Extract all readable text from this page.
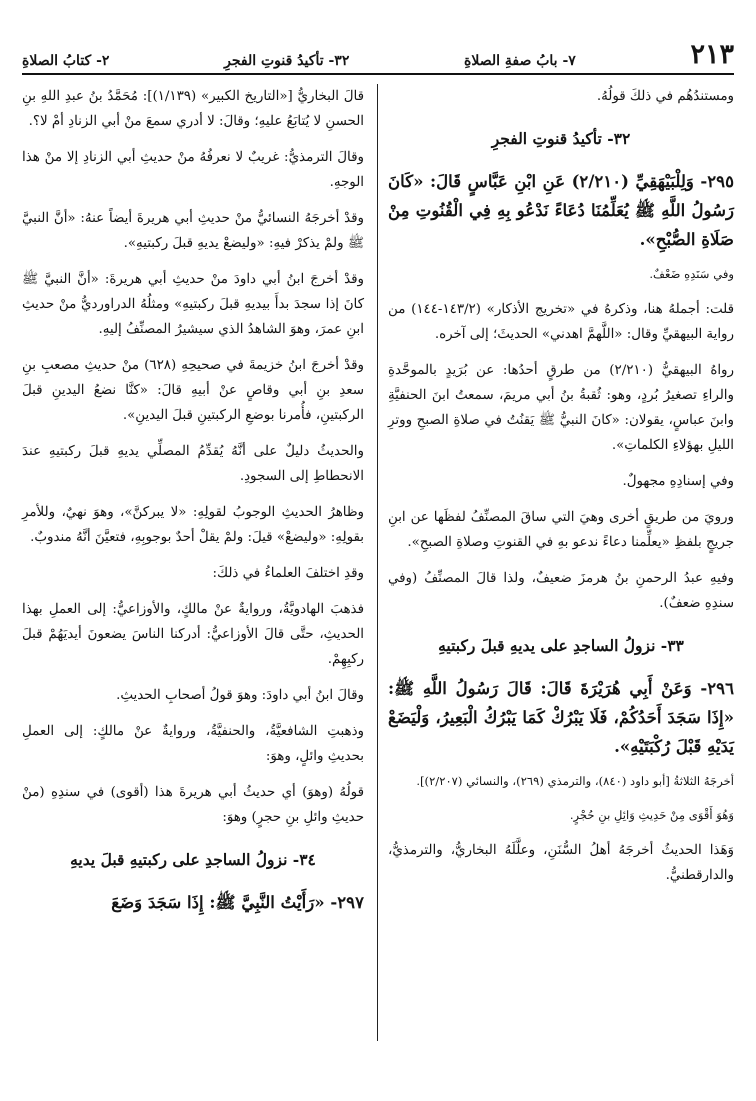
٢١٣
٧- بابُ صفةِ الصلاةِ
٣٢- تأكيدُ قنوتِ الفجرِ
٢- كتابُ الصلاةِ

ومستندُهُم في ذلكَ قولُهُ.

٣٢- تأكيدُ قنوتِ الفجرِ

٢٩٥- وَلِلْبَيْهَقِيِّ (٢/٢١٠) عَنِ ابْنِ عَبَّاسٍ قَالَ: «كَانَ رَسُولُ اللَّهِ ﷺ يُعَلِّمُنَا دُعَاءً نَدْعُو بِهِ فِي الْقُنُوتِ مِنْ صَلَاةِ الصُّبْحِ».

وفي سَنَدِهِ ضَعْفٌ.

قلت: أجملهُ هنا، وذكرهُ في «تخريج الأذكار» (١٤٣/٢-١٤٤) من رواية البيهقيِّ وقال: «اللَّهمَّ اهدني» الحديثَ؛ إلى آخره.

رواهُ البيهقيُّ (٢/٢١٠) من طرقٍ أحدُها: عن بُرَيدٍ بالموحَّدةِ والراءِ تصغيرُ بُردٍ، وهو: ثُقبةُ بنُ أبي مريمَ، سمعتُ ابنَ الحنفيَّةِ وابنَ عباسٍ، يقولان: «كانَ النبيُّ ﷺ يَقنُتُ في صلاةِ الصبحِ ووترِ الليلِ بهؤلاءِ الكلماتِ».

وفي إسنادِهِ مجهولٌ.

ورويَ من طريقٍ أخرى وهيَ التي ساقَ المصنِّفُ لفظَها عن ابنِ جريجٍ بلفظِ «يعلِّمنا دعاءً ندعو بهِ في القنوتِ وصلاةِ الصبحِ».

وفيهِ عبدُ الرحمنِ بنُ هرمزَ ضعيفٌ، ولذا قالَ المصنِّفُ (وفي سندِهِ ضعفٌ).

٣٣- نزولُ الساجدِ على يديهِ قبلَ ركبتيهِ

٢٩٦- وَعَنْ أَبِي هُرَيْرَةَ قَالَ: قَالَ رَسُولُ اللَّهِ ﷺ: «إِذَا سَجَدَ أَحَدُكُمْ، فَلَا يَبْرُكْ كَمَا يَبْرُكُ الْبَعِيرُ، وَلْيَضَعْ يَدَيْهِ قَبْلَ رُكْبَتَيْهِ».

أخرجَهُ الثلاثةُ [أبو داود (٨٤٠)، والترمذي (٢٦٩)، والنسائي (٢/٢٠٧)].

وَهُوَ أَقْوَى مِنْ حَدِيثِ وَائِلِ بنِ حُجْرٍ.

وَهَذا الحديثُ أخرجَهُ أهلُ السُّنَنِ، وعلَّلَهُ البخاريُّ، والترمذيُّ، والدارقطنيُّ.

قالَ البخاريُّ [«التاريخ الكبير» (١/١٣٩)]: مُحَمَّدُ بنُ عبدِ اللهِ بنِ الحسنِ لا يُتابَعُ عليهِ؛ وقالَ: لا أدري سمعَ منْ أبي الزنادِ أمْ لا؟.

وقالَ الترمذيُّ: غريبٌ لا نعرفُهُ منْ حديثِ أبي الزنادِ إلا منْ هذا الوجهِ.

وقدْ أخرجَهُ النسائيُّ منْ حديثِ أبي هريرةَ أيضاً عنهُ: «أنَّ النبيَّ ﷺ ولمْ يذكرْ فيهِ: «وليضعْ يديهِ قبلَ ركبتيهِ».

وقدْ أخرجَ ابنُ أبي داودَ منْ حديثِ أبي هريرةَ: «أنَّ النبيَّ ﷺ كانَ إذا سجدَ بدأَ بيديهِ قبلَ ركبتيهِ» ومثلُهُ الدراورديُّ منْ حديثِ ابنِ عمرَ، وهوَ الشاهدُ الذي سيشيرُ المصنِّفُ إليهِ.

وقدْ أخرجَ ابنُ خزيمةَ في صحيحِهِ (٦٢٨) منْ حديثِ مصعبِ بنِ سعدِ بنِ أبي وقاصٍ عنْ أبيهِ قالَ: «كنَّا نضعُ اليدينِ قبلَ الركبتينِ، فأُمرنا بوضعِ الركبتينِ قبلَ اليدينِ».

والحديثُ دليلٌ على أنَّهُ يُقدِّمُ المصلِّي يديهِ قبلَ ركبتيهِ عندَ الانحطاطِ إلى السجودِ.

وظاهرُ الحديثِ الوجوبُ لقولِهِ: «لا يبركنَّ»، وهوَ نهيٌ، وللأمرِ بقولِهِ: «وليضعْ» قيلَ: ولمْ يقلْ أحدٌ بوجوبِهِ، فتعيَّنَ أنَّهُ مندوبٌ.

وقدِ اختلفَ العلماءُ في ذلكَ:

فذهبَ الهادويَّةُ، وروايةٌ عنْ مالكٍ، والأوزاعيُّ: إلى العملِ بهذا الحديثِ، حتَّى قالَ الأوزاعيُّ: أدركنا الناسَ يضعونَ أيديَهُمْ قبلَ ركبِهِمْ.

وقالَ ابنُ أبي داودَ: وهوَ قولُ أصحابِ الحديثِ.

وذهبتِ الشافعيَّةُ، والحنفيَّةُ، وروايةٌ عنْ مالكٍ: إلى العملِ بحديثِ وائلٍ، وهوَ:

قولُهُ (وهوَ) أي حديثُ أبي هريرةَ هذا (أقوى) في سندِهِ (منْ حديثِ وائلِ بنِ حجرٍ) وهوَ:

٣٤- نزولُ الساجدِ على ركبتيهِ قبلَ يديهِ

٢٩٧- «رَأَيْتُ النَّبِيَّ ﷺ: إِذَا سَجَدَ وَضَعَ
